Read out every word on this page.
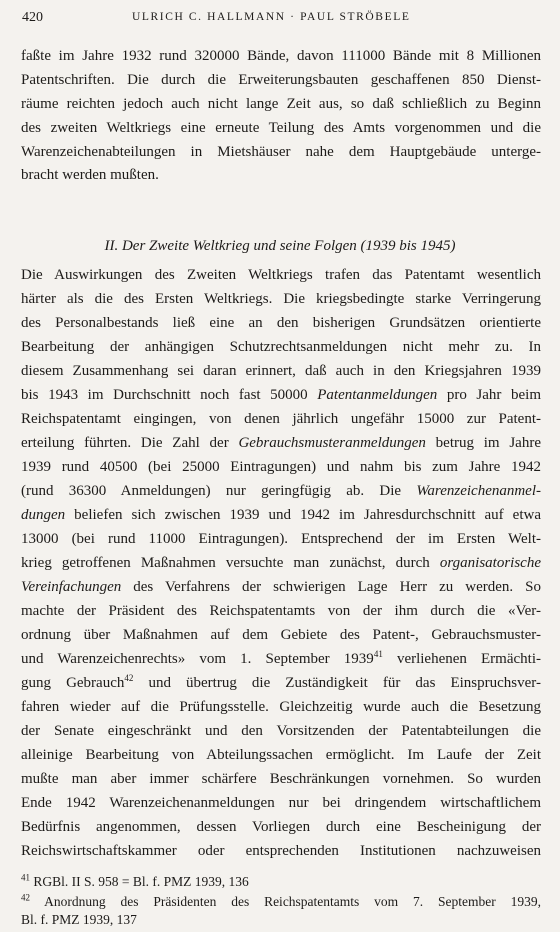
420	ULRICH C. HALLMANN · PAUL STRÖBELE
faßte im Jahre 1932 rund 320000 Bände, davon 111000 Bände mit 8 Millionen
Patentschriften. Die durch die Erweiterungsbauten geschaffenen 850 Dienst-
räume reichten jedoch auch nicht lange Zeit aus, so daß schließlich zu Beginn
des zweiten Weltkriegs eine erneute Teilung des Amts vorgenommen und die
Warenzeichenabteilungen in Mietshäuser nahe dem Hauptgebäude unterge-
bracht werden mußten.
II. Der Zweite Weltkrieg und seine Folgen (1939 bis 1945)
Die Auswirkungen des Zweiten Weltkriegs trafen das Patentamt wesentlich
härter als die des Ersten Weltkriegs. Die kriegsbedingte starke Verringerung
des Personalbestands ließ eine an den bisherigen Grundsätzen orientierte
Bearbeitung der anhängigen Schutzrechtsanmeldungen nicht mehr zu. In
diesem Zusammenhang sei daran erinnert, daß auch in den Kriegsjahren 1939
bis 1943 im Durchschnitt noch fast 50000 Patentanmeldungen pro Jahr beim
Reichspatentamt eingingen, von denen jährlich ungefähr 15000 zur Patent-
erteilung führten. Die Zahl der Gebrauchsmusteranmeldungen betrug im Jahre
1939 rund 40500 (bei 25000 Eintragungen) und nahm bis zum Jahre 1942
(rund 36300 Anmeldungen) nur geringfügig ab. Die Warenzeichenanmel-
dungen beliefen sich zwischen 1939 und 1942 im Jahresdurchschnitt auf etwa
13000 (bei rund 11000 Eintragungen). Entsprechend der im Ersten Welt-
krieg getroffenen Maßnahmen versuchte man zunächst, durch organisatorische
Vereinfachungen des Verfahrens der schwierigen Lage Herr zu werden. So
machte der Präsident des Reichspatentamts von der ihm durch die «Ver-
ordnung über Maßnahmen auf dem Gebiete des Patent-, Gebrauchsmuster-
und Warenzeichenrechts» vom 1. September 1939$^{41}$ verliehenen Ermächti-
gung Gebrauch$^{42}$ und übertrug die Zuständigkeit für das Einspruchsver-
fahren wieder auf die Prüfungsstelle. Gleichzeitig wurde auch die Besetzung
der Senate eingeschränkt und den Vorsitzenden der Patentabteilungen die
alleinige Bearbeitung von Abteilungssachen ermöglicht. Im Laufe der Zeit
mußte man aber immer schärfere Beschränkungen vornehmen. So wurden
Ende 1942 Warenzeichenanmeldungen nur bei dringendem wirtschaftlichem
Bedürfnis angenommen, dessen Vorliegen durch eine Bescheinigung der
Reichswirtschaftskammer oder entsprechenden Institutionen nachzuweisen
$^{41}$ RGBl. II S. 958 = Bl. f. PMZ 1939, 136
$^{42}$ Anordnung des Präsidenten des Reichspatentamts vom 7. September 1939,
Bl. f. PMZ 1939, 137
